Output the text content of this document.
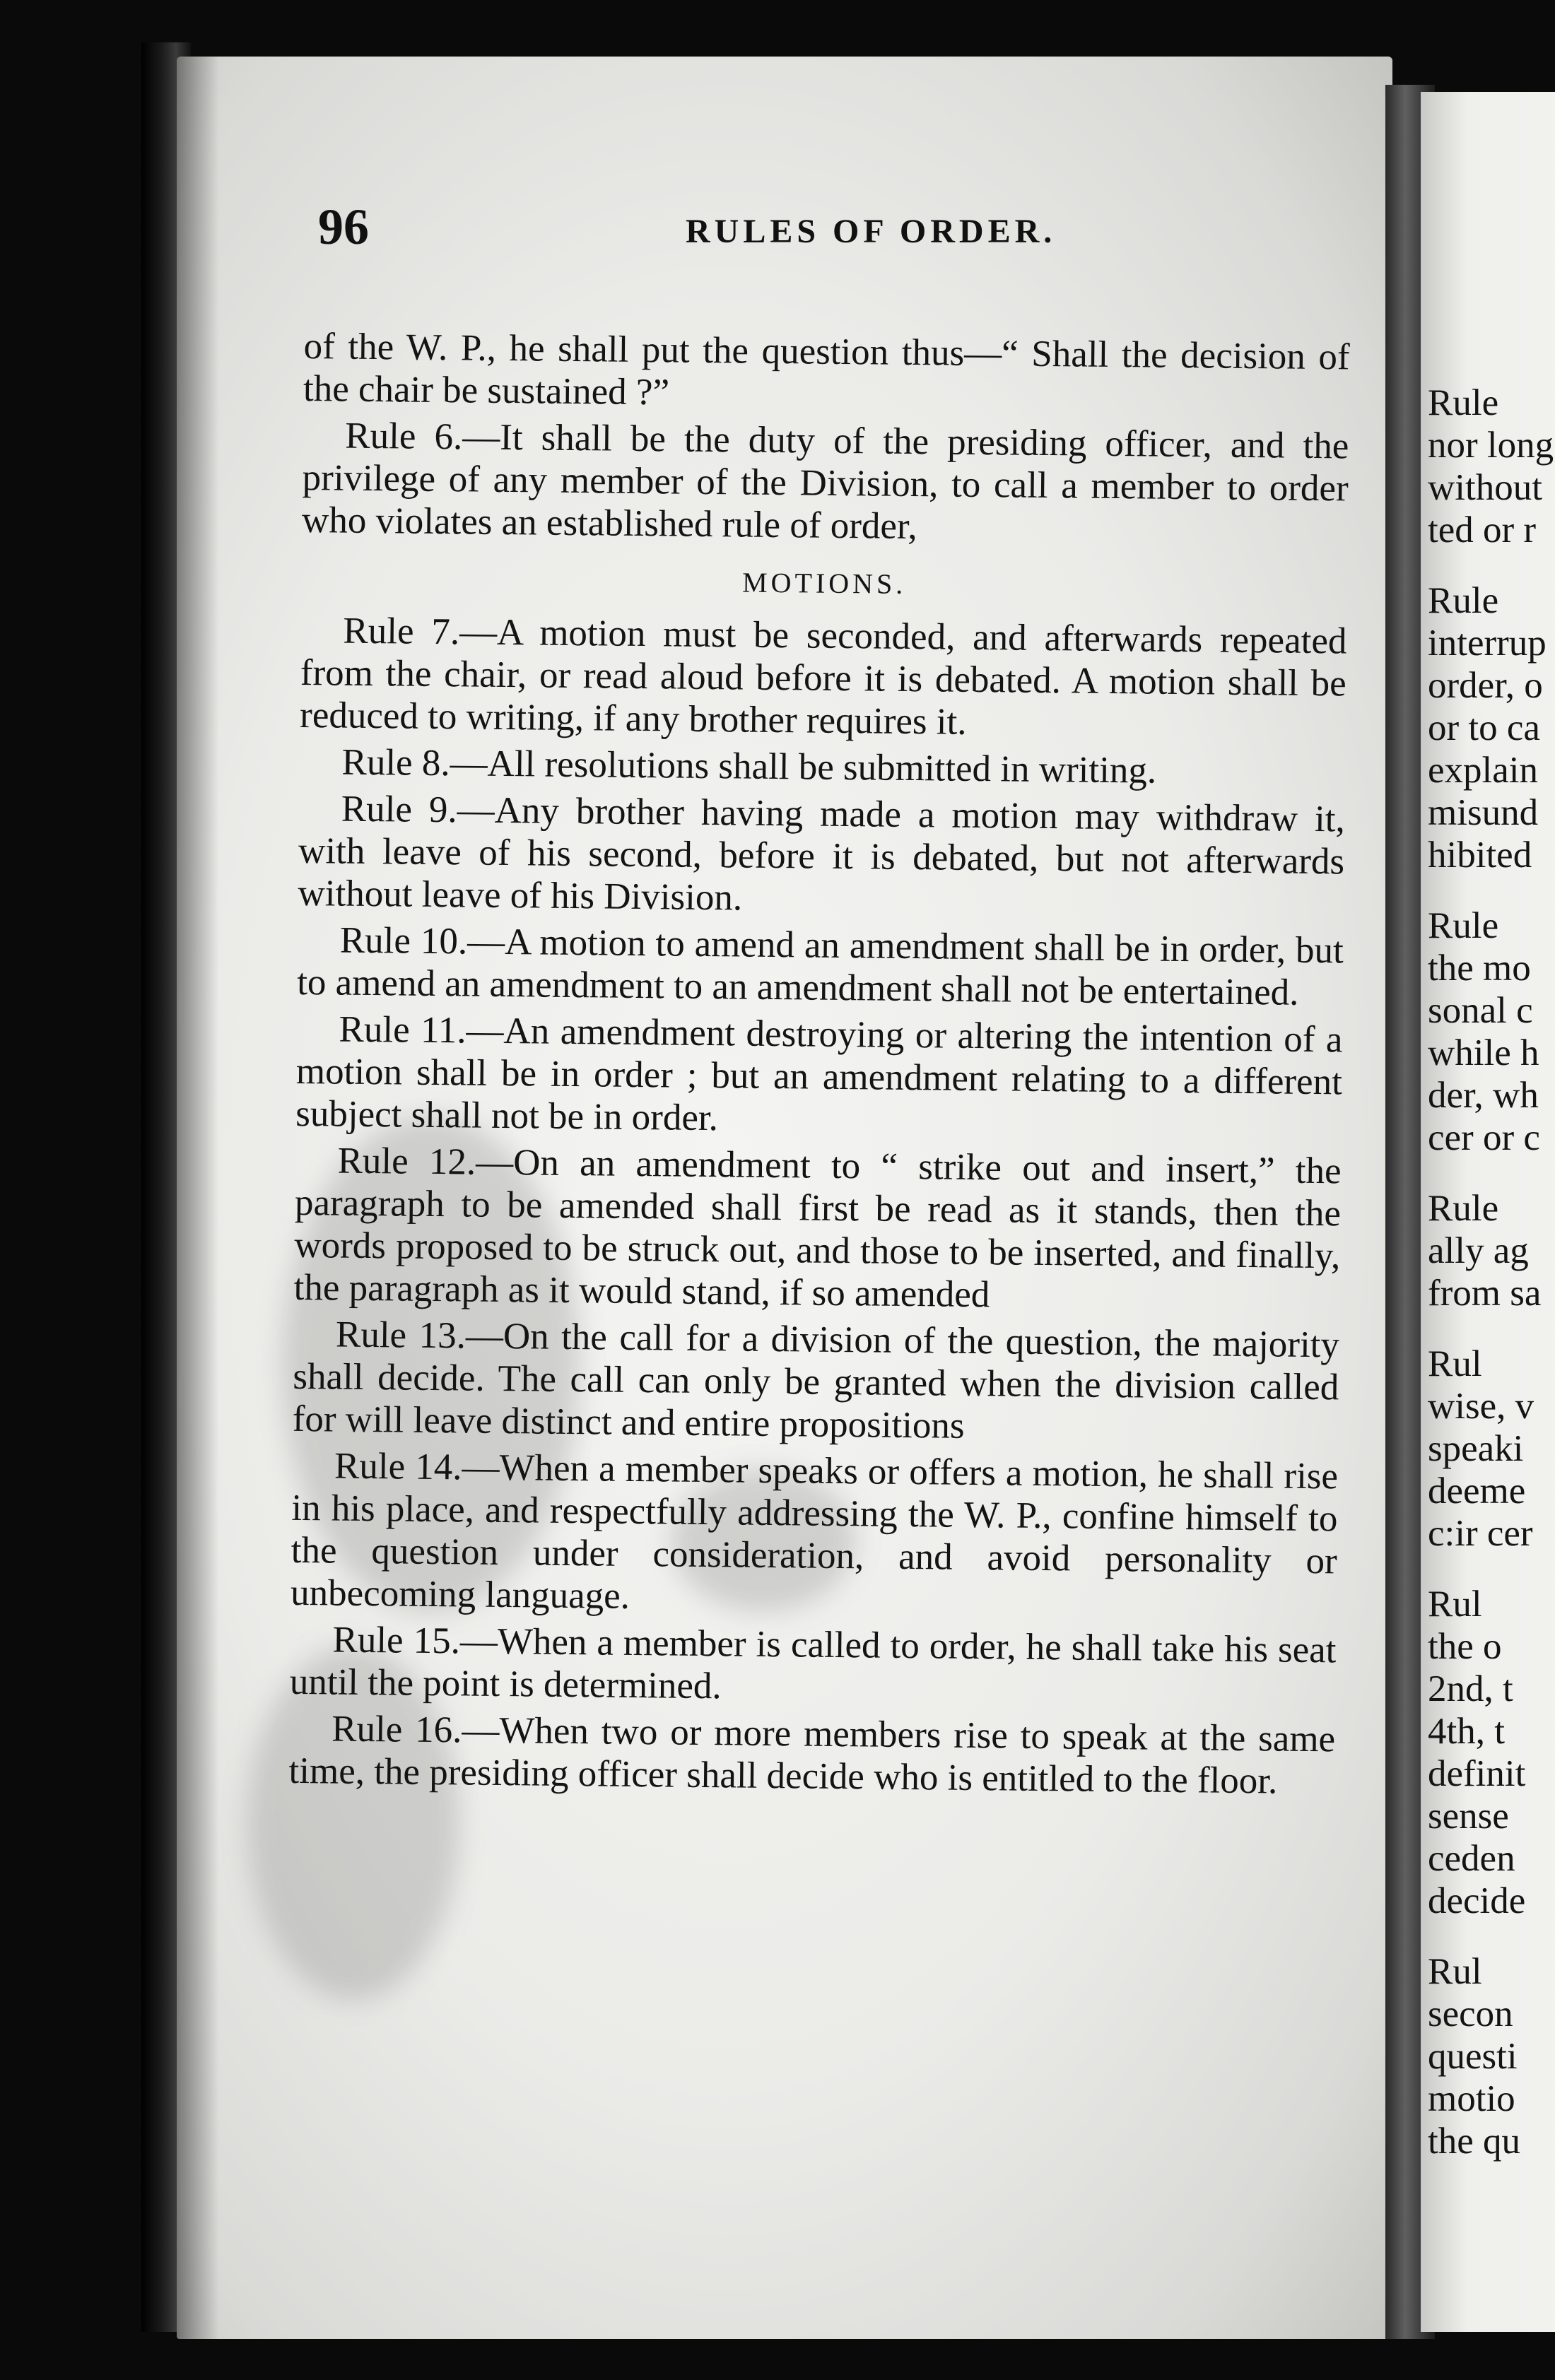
96	RULES OF ORDER.

of the W. P., he shall put the question thus—“ Shall the decision of the chair be sustained ?”

Rule 6.—It shall be the duty of the presiding officer, and the privilege of any member of the Division, to call a member to order who violates an established rule of order,

MOTIONS.

Rule 7.—A motion must be seconded, and afterwards repeated from the chair, or read aloud before it is debated. A motion shall be reduced to writing, if any brother requires it.

Rule 8.—All resolutions shall be submitted in writing.

Rule 9.—Any brother having made a motion may withdraw it, with leave of his second, before it is debated, but not afterwards without leave of his Division.

Rule 10.—A motion to amend an amendment shall be in order, but to amend an amendment to an amendment shall not be entertained.

Rule 11.—An amendment destroying or altering the intention of a motion shall be in order ; but an amendment relating to a different subject shall not be in order.

Rule 12.—On an amendment to “ strike out and insert,” the paragraph to be amended shall first be read as it stands, then the words proposed to be struck out, and those to be inserted, and finally, the paragraph as it would stand, if so amended

Rule 13.—On the call for a division of the question, the majority shall decide. The call can only be granted when the division called for will leave distinct and entire propositions

Rule 14.—When a member speaks or offers a motion, he shall rise in his place, and respectfully addressing the W. P., confine himself to the question under consideration, and avoid personality or unbecoming language.

Rule 15.—When a member is called to order, he shall take his seat until the point is determined.

Rule 16.—When two or more members rise to speak at the same time, the presiding officer shall decide who is entitled to the floor.

Rule
nor long
without
ted or r
Rule
interrup
order, o
or to ca
explain
misund
hibited
Rule
the mo
sonal c
while h
der, wh
cer or c
Rule
ally ag
from sa
Rul
wise, v
speaki
deeme
c:ir cer
Rul
the o
2nd, t
4th, t
definit
sense
ceden
decide
Rul
secon
questi
motio
the qu
